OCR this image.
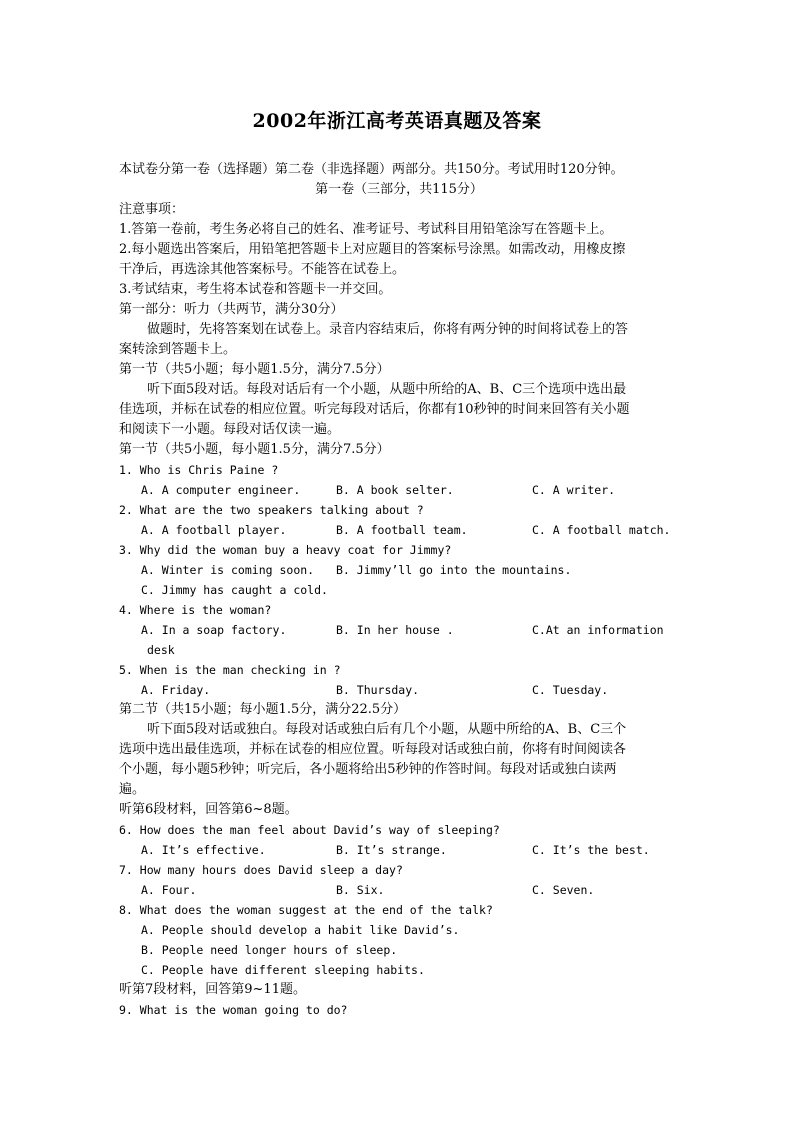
2002年浙江高考英语真题及答案
本试卷分第一卷（选择题）第二卷（非选择题）两部分。共150分。考试用时120分钟。
第一卷（三部分，共115分）
注意事项：
1.答第一卷前，考生务必将自己的姓名、准考证号、考试科目用铅笔涂写在答题卡上。
2.每小题选出答案后，用铅笔把答题卡上对应题目的答案标号涂黑。如需改动，用橡皮擦
干净后，再选涂其他答案标号。不能答在试卷上。
3.考试结束，考生将本试卷和答题卡一并交回。
第一部分：听力（共两节，满分30分）
做题时，先将答案划在试卷上。录音内容结束后，你将有两分钟的时间将试卷上的答
案转涂到答题卡上。
第一节（共5小题；每小题1.5分，满分7.5分）
听下面5段对话。每段对话后有一个小题，从题中所给的A、B、C三个选项中选出最
佳选项，并标在试卷的相应位置。听完每段对话后，你都有10秒钟的时间来回答有关小题
和阅读下一小题。每段对话仅读一遍。
第一节（共5小题，每小题1.5分，满分7.5分）
1. Who is Chris Paine ?
A. A computer engineer.	B. A book selter.	C. A writer.
2. What are the two speakers talking about ?
A. A football player.	B. A football team.	C. A football match.
3. Why did the woman buy a heavy coat for Jimmy?
A. Winter is coming soon. B. Jimmy’ll go into the mountains.
C. Jimmy has caught a cold.
4. Where is the woman?
A. In a soap factory.	B. In her house .	C.At an information
desk
5. When is the man checking in ?
A. Friday.	B. Thursday.	C. Tuesday.
第二节（共15小题；每小题1.5分，满分22.5分）
听下面5段对话或独白。每段对话或独白后有几个小题，从题中所给的A、B、C三个
选项中选出最佳选项，并标在试卷的相应位置。听每段对话或独白前，你将有时间阅读各
个小题，每小题5秒钟；听完后，各小题将给出5秒钟的作答时间。每段对话或独白读两
遍。
听第6段材料，回答第6~8题。
6. How does the man feel about David’s way of sleeping?
A. It’s effective.	B. It’s strange.	C. It’s the best.
7. How many hours does David sleep a day?
A. Four.	B. Six.	C. Seven.
8. What does the woman suggest at the end of the talk?
A. People should develop a habit like David’s.
B. People need longer hours of sleep.
C. People have different sleeping habits.
听第7段材料，回答第9~11题。
9. What is the woman going to do?
